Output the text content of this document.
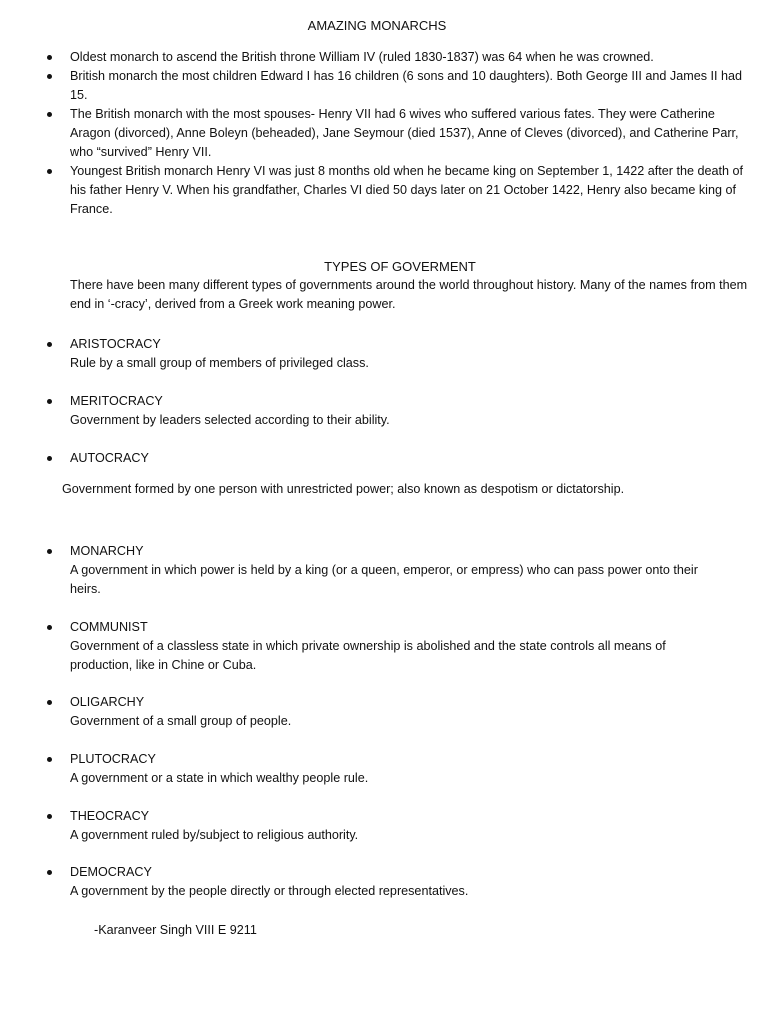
AMAZING MONARCHS
Oldest monarch to ascend the British throne William IV (ruled 1830-1837) was 64 when he was crowned.
British monarch the most children Edward I has 16 children (6 sons and 10 daughters). Both George III and James II had 15.
The British monarch with the most spouses- Henry VII had 6 wives who suffered various fates. They were Catherine Aragon (divorced), Anne Boleyn (beheaded), Jane Seymour (died 1537), Anne of Cleves (divorced), and Catherine Parr, who “survived” Henry VII.
Youngest British monarch Henry VI was just 8 months old when he became king on September 1, 1422 after the death of his father Henry V. When his grandfather, Charles VI died 50 days later on 21 October 1422, Henry also became king of France.
TYPES OF GOVERMENT
There have been many different types of governments around the world throughout history. Many of the names from them end in ‘-cracy’, derived from a Greek work meaning power.
ARISTOCRACY
Rule by a small group of members of privileged class.
MERITOCRACY
Government by leaders selected according to their ability.
AUTOCRACY
Government formed by one person with unrestricted power; also known as despotism or dictatorship.
MONARCHY
A government in which power is held by a king (or a queen, emperor, or empress) who can pass power onto their heirs.
COMMUNIST
Government of a classless state in which private ownership is abolished and the state controls all means of production, like in Chine or Cuba.
OLIGARCHY
Government of a small group of people.
PLUTOCRACY
A government or a state in which wealthy people rule.
THEOCRACY
A government ruled by/subject to religious authority.
DEMOCRACY
A government by the people directly or through elected representatives.
-Karanveer Singh VIII E 9211
